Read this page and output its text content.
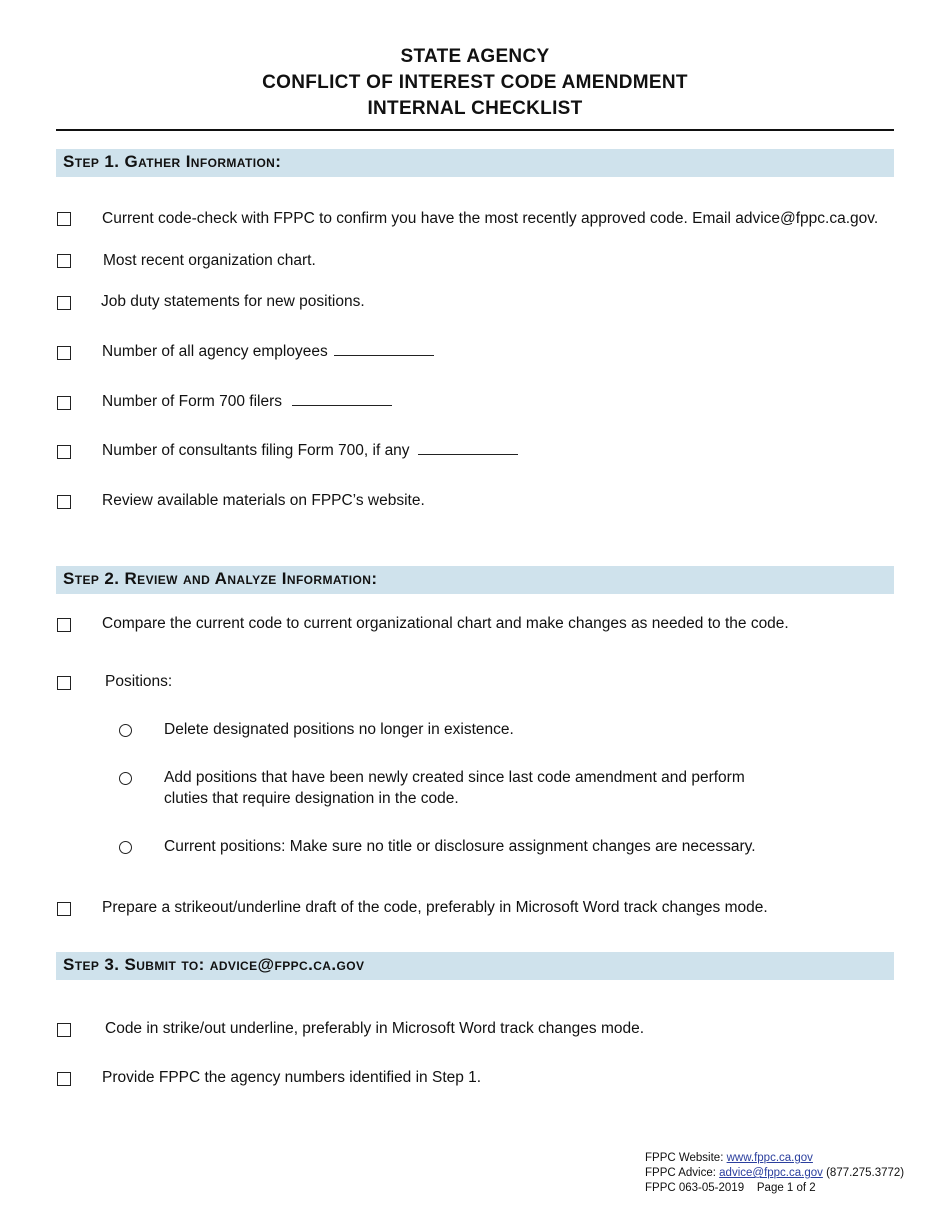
STATE AGENCY
CONFLICT OF INTEREST CODE AMENDMENT
INTERNAL CHECKLIST
Step 1. Gather Information:
Current code-check with FPPC to confirm you have the most recently approved code. Email advice@fppc.ca.gov.
Most recent organization chart.
Job duty statements for new positions.
Number of all agency employees
Number of Form 700 filers
Number of consultants filing Form 700, if any
Review available materials on FPPC’s website.
Step 2. Review and Analyze Information:
Compare the current code to current organizational chart and make changes as needed to the code.
Positions:
Delete designated positions no longer in existence.
Add positions that have been newly created since last code amendment and perform
cluties that require designation in the code.
Current positions: Make sure no title or disclosure assignment changes are necessary.
Prepare a strikeout/underline draft of the code, preferably in Microsoft Word track changes mode.
Step 3. Submit to: advice@fppc.ca.gov
Code in strike/out underline, preferably in Microsoft Word track changes mode.
Provide FPPC the agency numbers identified in Step 1.
FPPC Website: www.fppc.ca.gov
FPPC Advice: advice@fppc.ca.gov (877.275.3772)
FPPC 063-05-2019 Page 1 of 2
